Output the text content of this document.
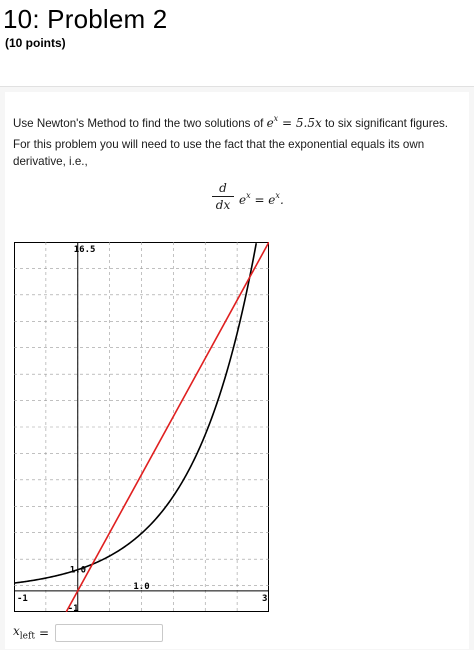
10: Problem 2
(10 points)
Use Newton's Method to find the two solutions of $e^x = 5.5x$ to six significant figures.
For this problem you will need to use the fact that the exponential equals its own derivative, i.e.,
d
dx $e^x = e^x$.
16.5
1.0
-1
-1
1.0
3
$x_{left}$ =
